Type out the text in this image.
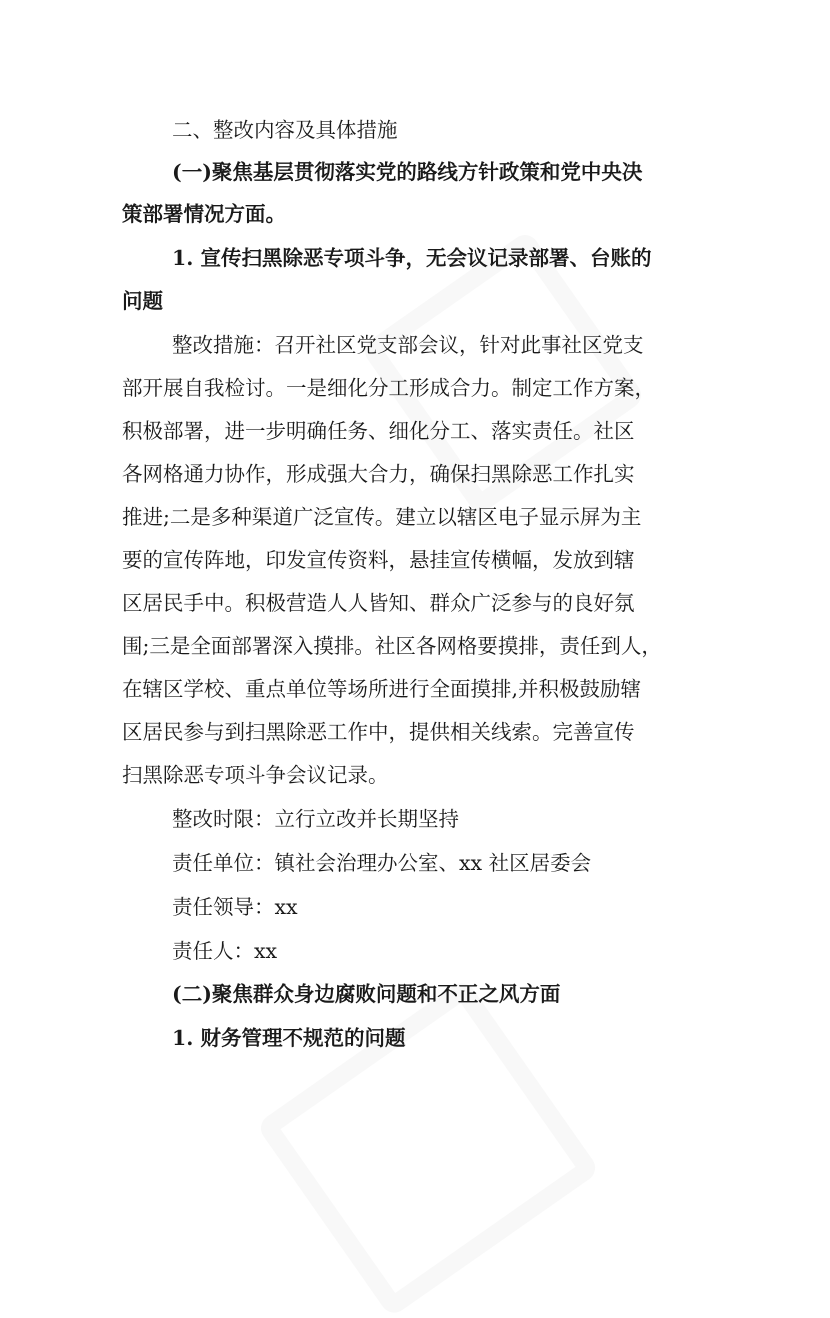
二、整改内容及具体措施
(一)聚焦基层贯彻落实党的路线方针政策和党中央决
策部署情况方面。
1. 宣传扫黑除恶专项斗争，无会议记录部署、台账的
问题
整改措施：召开社区党支部会议，针对此事社区党支
部开展自我检讨。一是细化分工形成合力。制定工作方案，
积极部署，进一步明确任务、细化分工、落实责任。社区
各网格通力协作，形成强大合力，确保扫黑除恶工作扎实
推进;二是多种渠道广泛宣传。建立以辖区电子显示屏为主
要的宣传阵地，印发宣传资料，悬挂宣传横幅，发放到辖
区居民手中。积极营造人人皆知、群众广泛参与的良好氛
围;三是全面部署深入摸排。社区各网格要摸排，责任到人，
在辖区学校、重点单位等场所进行全面摸排,并积极鼓励辖
区居民参与到扫黑除恶工作中，提供相关线索。完善宣传
扫黑除恶专项斗争会议记录。
整改时限：立行立改并长期坚持
责任单位：镇社会治理办公室、xx 社区居委会
责任领导：xx
责任人：xx
(二)聚焦群众身边腐败问题和不正之风方面
1. 财务管理不规范的问题
